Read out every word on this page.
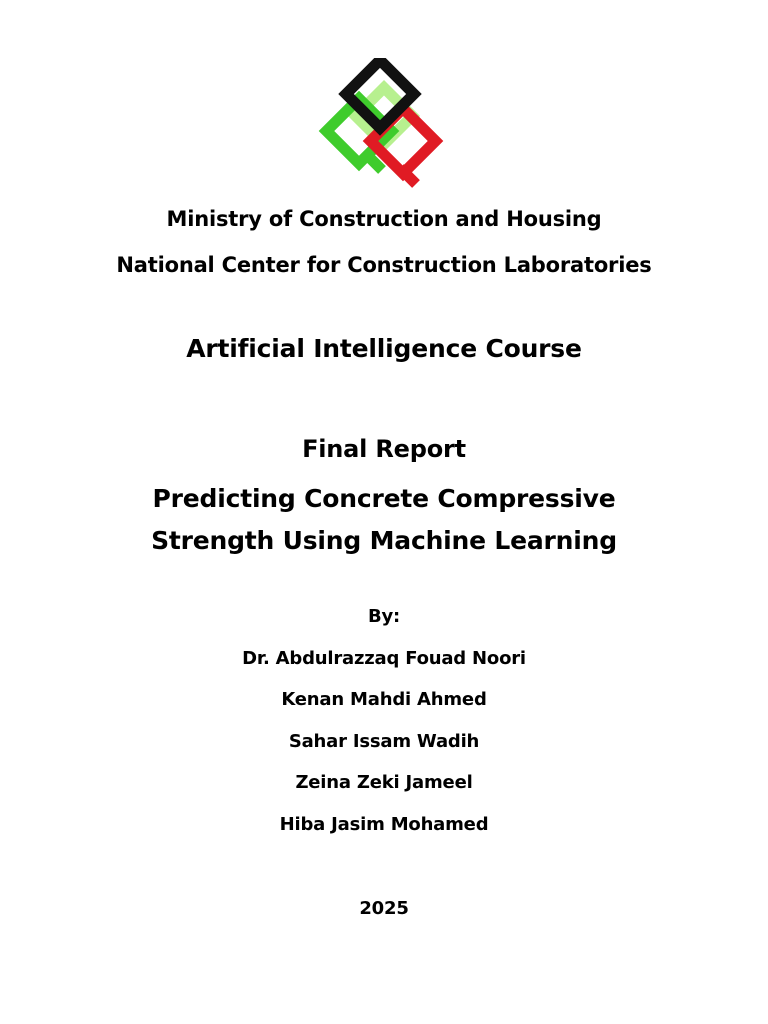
Ministry of Construction and Housing
National Center for Construction Laboratories
Artificial Intelligence Course
Final Report
Predicting Concrete Compressive
Strength Using Machine Learning
By:
Dr. Abdulrazzaq Fouad Noori
Kenan Mahdi Ahmed
Sahar Issam Wadih
Zeina Zeki Jameel
Hiba Jasim Mohamed
2025
